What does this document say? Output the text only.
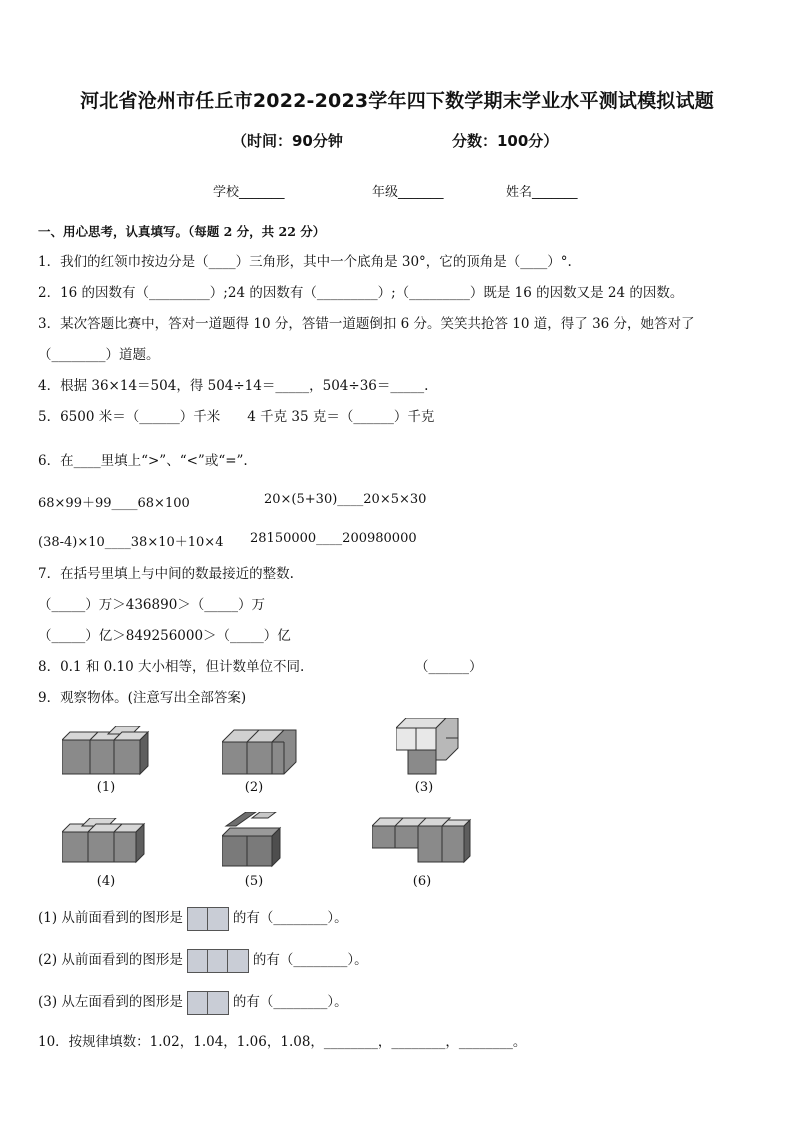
河北省沧州市任丘市2022-2023学年四下数学期末学业水平测试模拟试题
（时间：90分钟	分数：100分）
学校_______	年级_______	姓名_______
一、用心思考，认真填写。（每题 2 分，共 22 分）
1．我们的红领巾按边分是（____）三角形，其中一个底角是 30°，它的顶角是（____）°.
2．16 的因数有（_________）;24 的因数有（_________）;（_________）既是 16 的因数又是 24 的因数。
3．某次答题比赛中，答对一道题得 10 分，答错一道题倒扣 6 分。笑笑共抢答 10 道，得了 36 分，她答对了
（________）道题。
4．根据 36×14＝504，得 504÷14＝_____，504÷36＝_____.
5．6500 米＝（______）千米　　4 千克 35 克＝（______）千克
6．在____里填上“>”、“<”或“=”.
68×99＋99____68×100	20×(5+30)____20×5×30
(38-4)×10____38×10＋10×4 28150000____200980000
7．在括号里填上与中间的数最接近的整数.
（_____）万＞436890＞（_____）万
（_____）亿＞849256000＞（_____）亿
8．0.1 和 0.10 大小相等，但计数单位不同.	（______）
9．观察物体。(注意写出全部答案)
(1)	(2)	(3)
(4)	(5)	(6)
(1) 从前面看到的图形是	的有（________）。
(2) 从前面看到的图形是	的有（________）。
(3) 从左面看到的图形是	的有（________）。
10．按规律填数：1.02，1.04，1.06，1.08，________，________，________。
